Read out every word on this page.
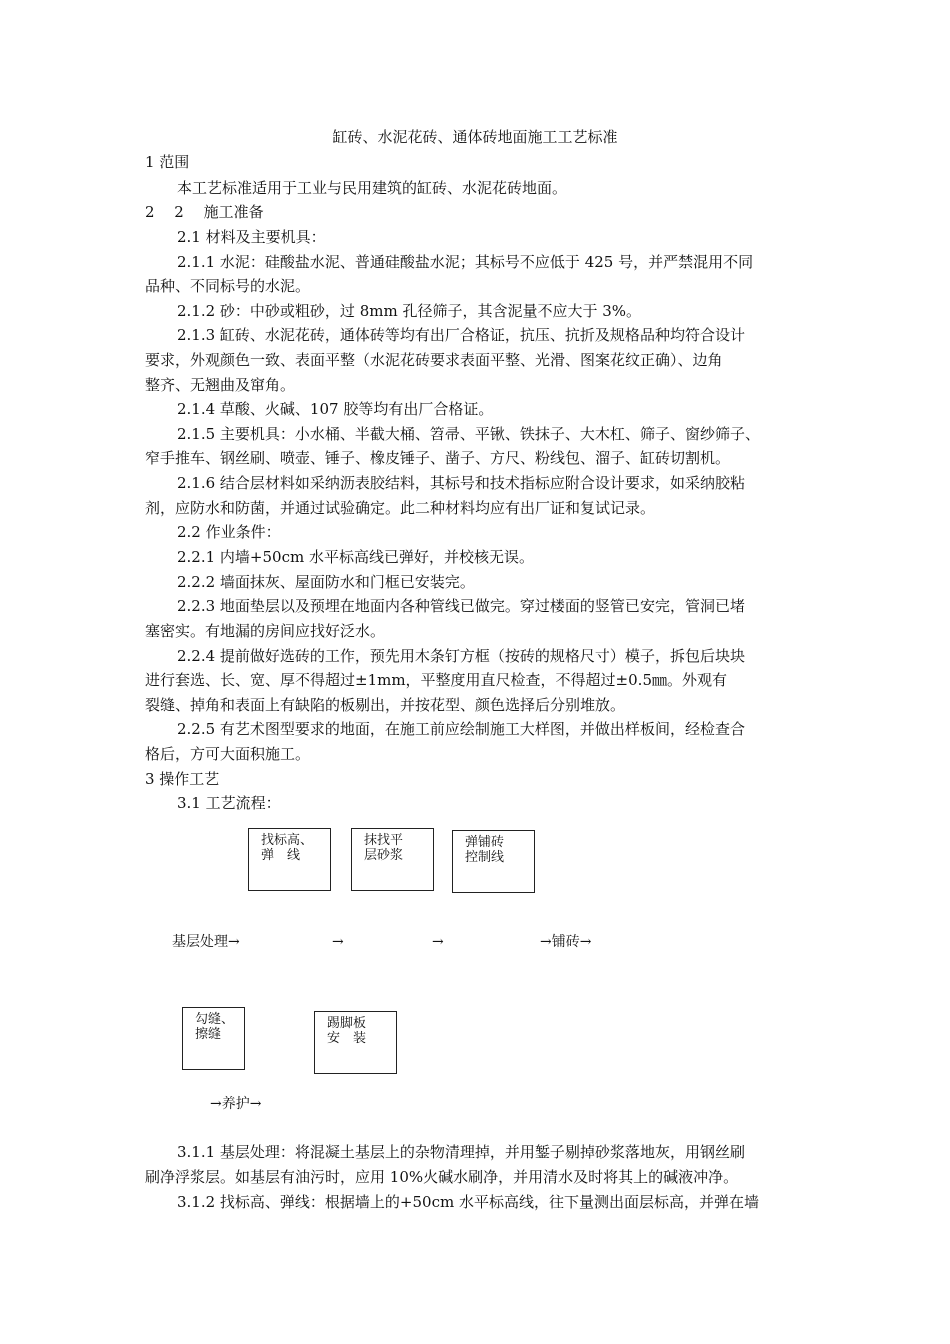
缸砖、水泥花砖、通体砖地面施工工艺标准
1 范围
本工艺标准适用于工业与民用建筑的缸砖、水泥花砖地面。
2　 2　 施工准备
2.1 材料及主要机具：
2.1.1 水泥：硅酸盐水泥、普通硅酸盐水泥；其标号不应低于 425 号，并严禁混用不同
品种、不同标号的水泥。
2.1.2 砂：中砂或粗砂，过 8mm 孔径筛子，其含泥量不应大于 3%。
2.1.3 缸砖、水泥花砖，通体砖等均有出厂合格证，抗压、抗折及规格品种均符合设计
要求，外观颜色一致、表面平整（水泥花砖要求表面平整、光滑、图案花纹正确）、边角
整齐、无翘曲及窜角。
2.1.4 草酸、火碱、107 胶等均有出厂合格证。
2.1.5 主要机具：小水桶、半截大桶、笤帚、平锹、铁抹子、大木杠、筛子、窗纱筛子、
窄手推车、钢丝刷、喷壶、锤子、橡皮锤子、凿子、方尺、粉线包、溜子、缸砖切割机。
2.1.6 结合层材料如采纳沥表胶结料，其标号和技术指标应附合设计要求，如采纳胶粘
剂，应防水和防菌，并通过试验确定。此二种材料均应有出厂证和复试记录。
2.2 作业条件：
2.2.1 内墙+50cm 水平标高线已弹好，并校核无误。
2.2.2 墙面抹灰、屋面防水和门框已安装完。
2.2.3 地面垫层以及预埋在地面内各种管线已做完。穿过楼面的竖管已安完，管洞已堵
塞密实。有地漏的房间应找好泛水。
2.2.4 提前做好选砖的工作，预先用木条钉方框（按砖的规格尺寸）模子，拆包后块块
进行套选、长、宽、厚不得超过±1mm，平整度用直尺检查，不得超过±0.5㎜。外观有
裂缝、掉角和表面上有缺陷的板剔出，并按花型、颜色选择后分别堆放。
2.2.5 有艺术图型要求的地面，在施工前应绘制施工大样图，并做出样板间，经检查合
格后，方可大面积施工。
3 操作工艺
3.1 工艺流程：
找标高、
弹　线
抹找平
层砂浆
弹铺砖
控制线
基层处理→	→	→	→铺砖→
勾缝、
擦缝
踢脚板
安　装
→养护→
3.1.1 基层处理：将混凝土基层上的杂物清理掉，并用錾子剔掉砂浆落地灰，用钢丝刷
刷净浮浆层。如基层有油污时，应用 10%火碱水刷净，并用清水及时将其上的碱液冲净。
3.1.2 找标高、弹线：根据墙上的+50cm 水平标高线，往下量测出面层标高，并弹在墙
